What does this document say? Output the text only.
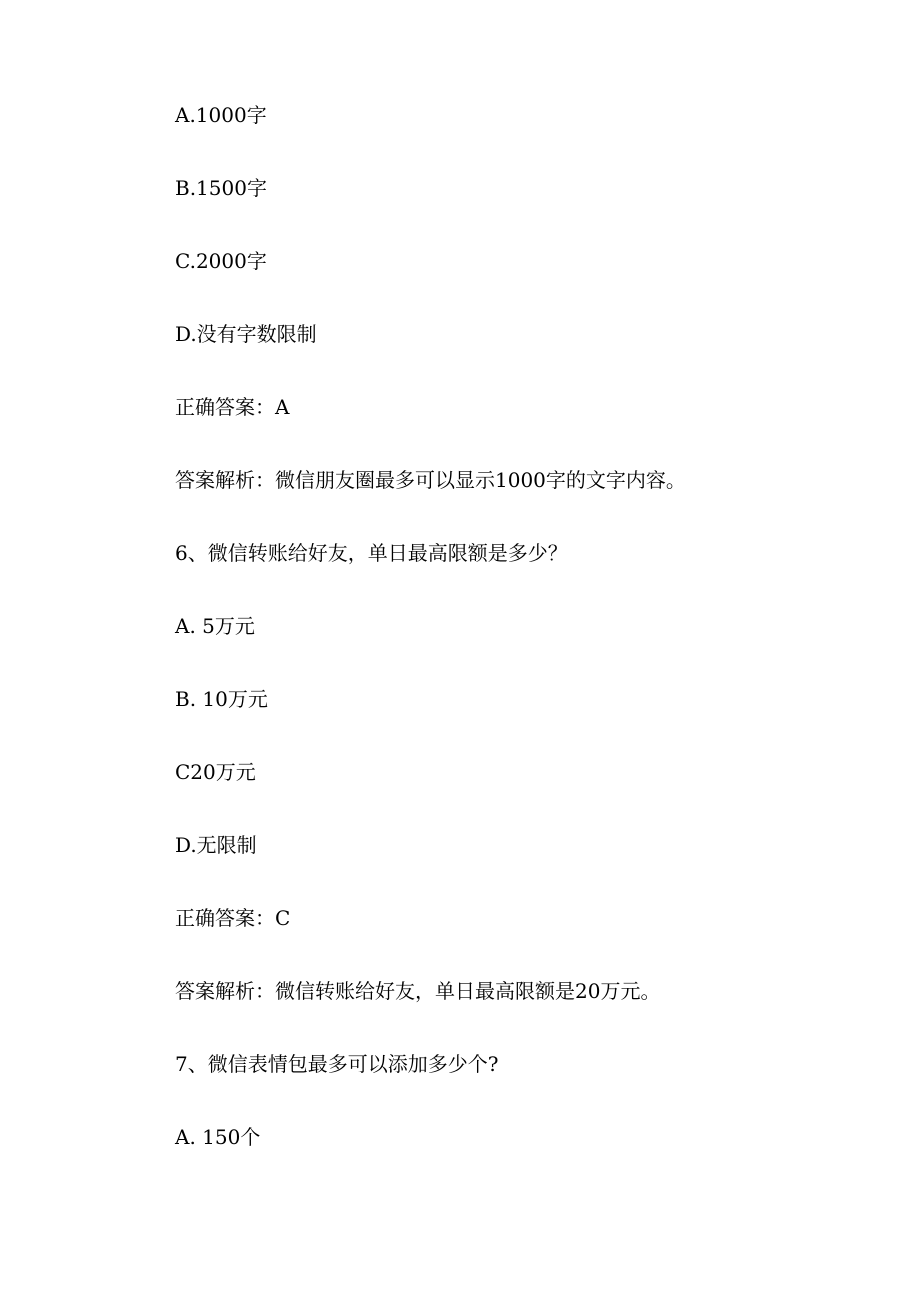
A.1000字

B.1500字

C.2000字

D.没有字数限制

正确答案：A

答案解析：微信朋友圈最多可以显示1000字的文字内容。

6、微信转账给好友，单日最高限额是多少？

A. 5万元

B. 10万元

C20万元

D.无限制

正确答案：C

答案解析：微信转账给好友，单日最高限额是20万元。

7、微信表情包最多可以添加多少个?

A. 150个
